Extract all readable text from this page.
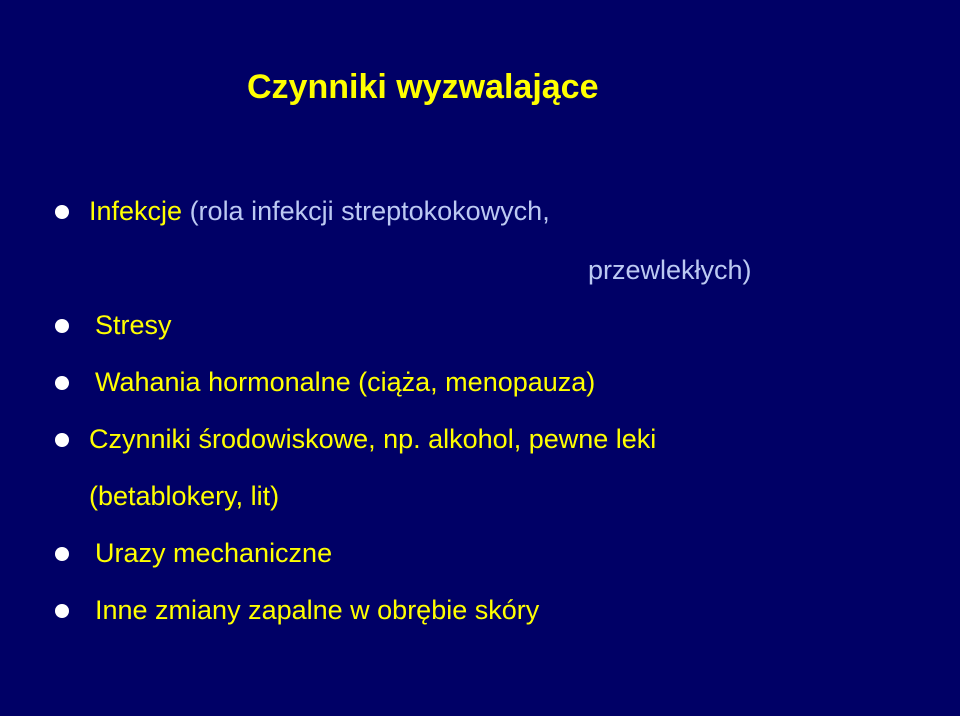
Czynniki wyzwalające
Infekcje (rola infekcji streptokokowych,
przewlekłych)
Stresy
Wahania hormonalne (ciąża, menopauza)
Czynniki środowiskowe, np. alkohol, pewne leki
(betablokery, lit)
Urazy mechaniczne
Inne zmiany zapalne w obrębie skóry
